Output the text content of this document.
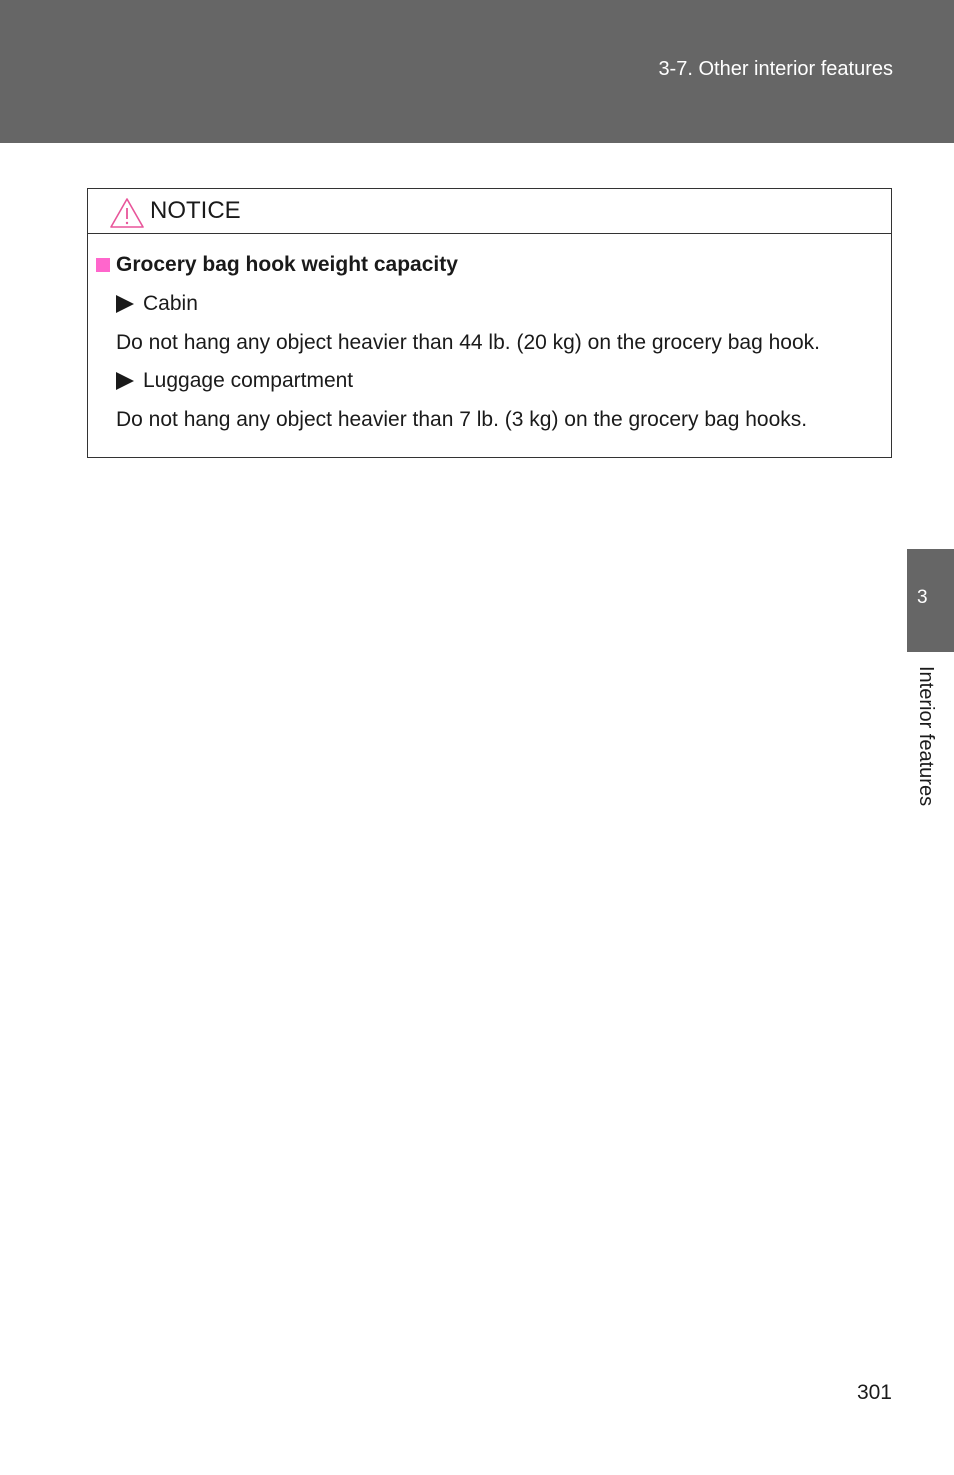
3-7. Other interior features
NOTICE
Grocery bag hook weight capacity
Cabin
Do not hang any object heavier than 44 lb. (20 kg) on the grocery bag hook.
Luggage compartment
Do not hang any object heavier than 7 lb. (3 kg) on the grocery bag hooks.
3
Interior features
301
